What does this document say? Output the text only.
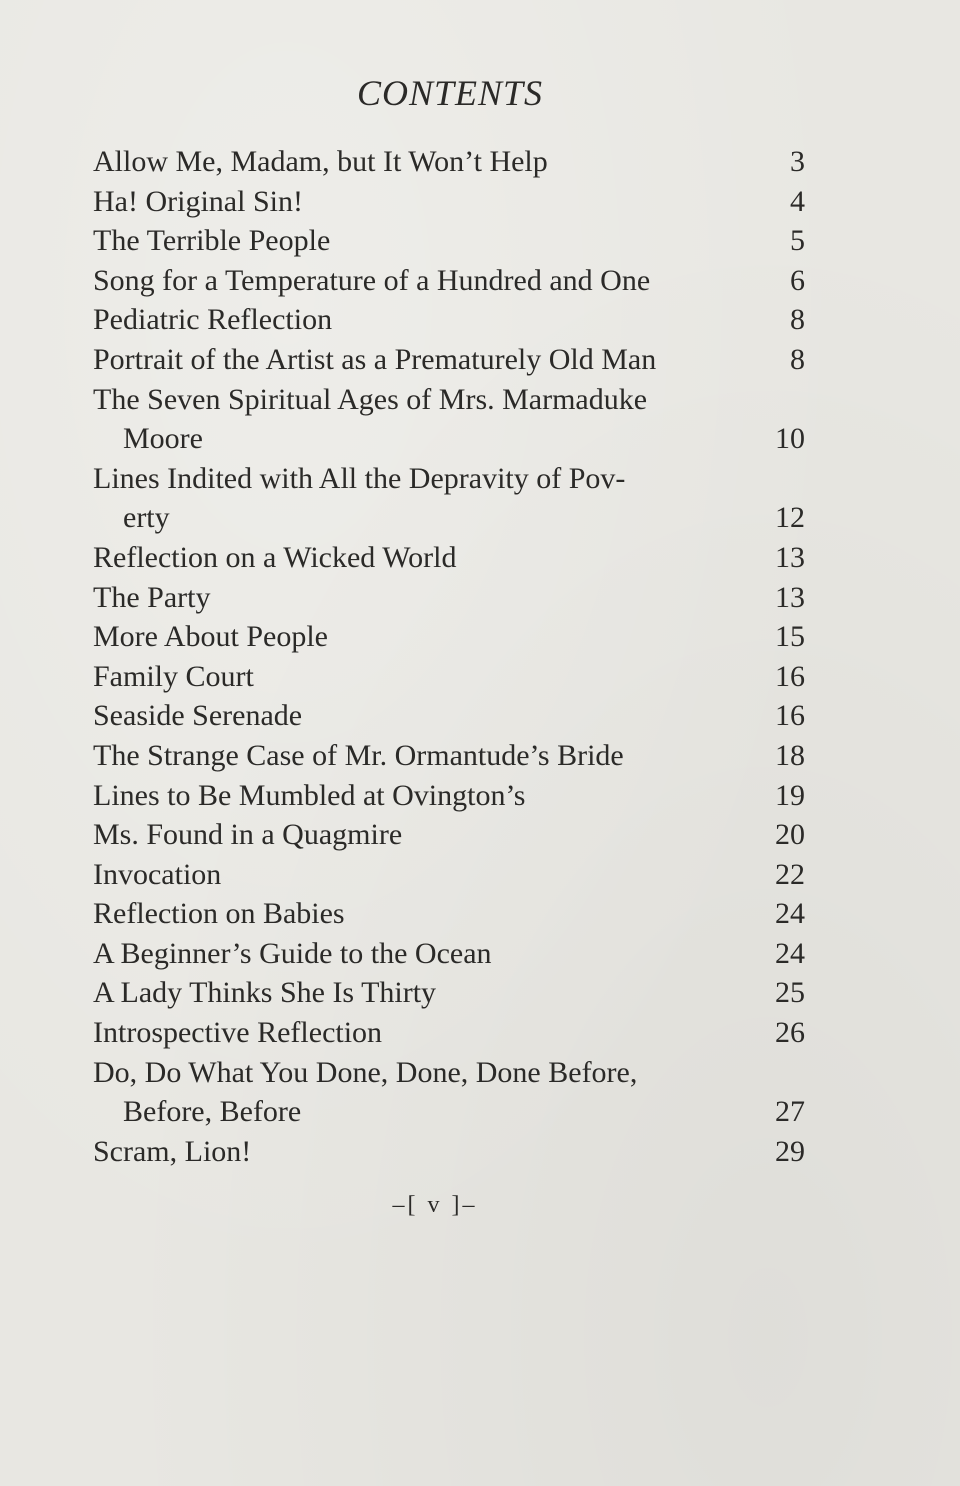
CONTENTS
Allow Me, Madam, but It Won’t Help	3
Ha! Original Sin!	4
The Terrible People	5
Song for a Temperature of a Hundred and One	6
Pediatric Reflection	8
Portrait of the Artist as a Prematurely Old Man	8
The Seven Spiritual Ages of Mrs. Marmaduke
Moore	10
Lines Indited with All the Depravity of Pov-
erty	12
Reflection on a Wicked World	13
The Party	13
More About People	15
Family Court	16
Seaside Serenade	16
The Strange Case of Mr. Ormantude’s Bride	18
Lines to Be Mumbled at Ovington’s	19
Ms. Found in a Quagmire	20
Invocation	22
Reflection on Babies	24
A Beginner’s Guide to the Ocean	24
A Lady Thinks She Is Thirty	25
Introspective Reflection	26
Do, Do What You Done, Done, Done Before,
Before, Before	27
Scram, Lion!	29
–[ v ]–
